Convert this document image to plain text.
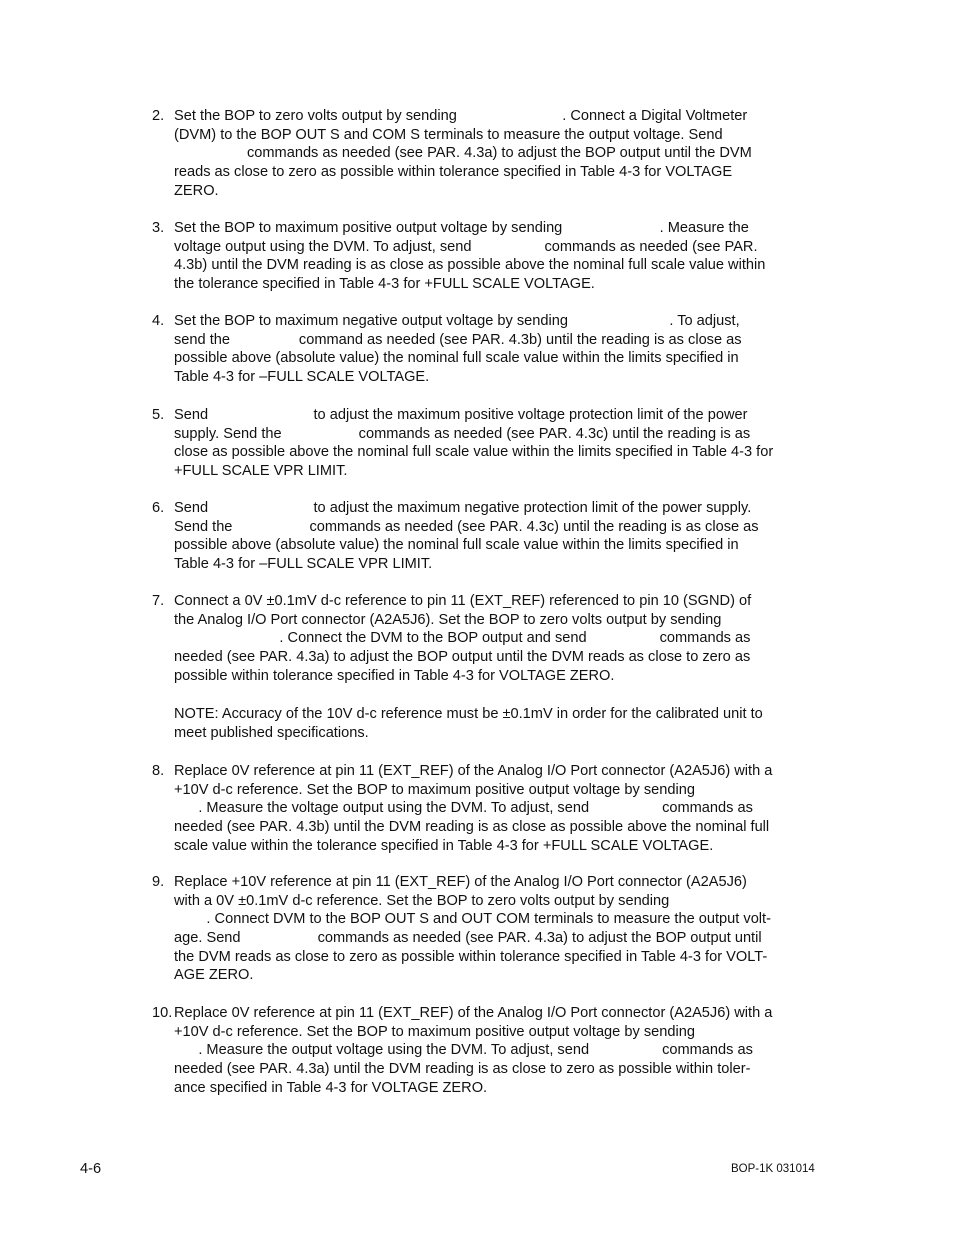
2. Set the BOP to zero volts output by sending                          . Connect a Digital Voltmeter
(DVM) to the BOP OUT S and COM S terminals to measure the output voltage. Send
commands as needed (see PAR. 4.3a) to adjust the BOP output until the DVM
reads as close to zero as possible within tolerance specified in Table 4-3 for VOLTAGE
ZERO.
3. Set the BOP to maximum positive output voltage by sending                        . Measure the
voltage output using the DVM. To adjust, send                  commands as needed (see PAR.
4.3b) until the DVM reading is as close as possible above the nominal full scale value within
the tolerance specified in Table 4-3 for +FULL SCALE VOLTAGE.
4. Set the BOP to maximum negative output voltage by sending                         . To adjust,
send the                 command as needed (see PAR. 4.3b) until the reading is as close as
possible above (absolute value) the nominal full scale value within the limits specified in
Table 4-3 for –FULL SCALE VOLTAGE.
5. Send                          to adjust the maximum positive voltage protection limit of the power
supply. Send the                   commands as needed (see PAR. 4.3c) until the reading is as
close as possible above the nominal full scale value within the limits specified in Table 4-3 for
+FULL SCALE VPR LIMIT.
6. Send                          to adjust the maximum negative protection limit of the power supply.
Send the                   commands as needed (see PAR. 4.3c) until the reading is as close as
possible above (absolute value) the nominal full scale value within the limits specified in
Table 4-3 for –FULL SCALE VPR LIMIT.
7. Connect a 0V ±0.1mV d-c reference to pin 11 (EXT_REF) referenced to pin 10 (SGND) of
the Analog I/O Port connector (A2A5J6). Set the BOP to zero volts output by sending
. Connect the DVM to the BOP output and send                  commands as
needed (see PAR. 4.3a) to adjust the BOP output until the DVM reads as close to zero as
possible within tolerance specified in Table 4-3 for VOLTAGE ZERO.
8. Replace 0V reference at pin 11 (EXT_REF) of the Analog I/O Port connector (A2A5J6) with a
+10V d-c reference. Set the BOP to maximum positive output voltage by sending
. Measure the voltage output using the DVM. To adjust, send                  commands as
needed (see PAR. 4.3b) until the DVM reading is as close as possible above the nominal full
scale value within the tolerance specified in Table 4-3 for +FULL SCALE VOLTAGE.
9. Replace +10V reference at pin 11 (EXT_REF) of the Analog I/O Port connector (A2A5J6)
with a 0V ±0.1mV d-c reference. Set the BOP to zero volts output by sending
. Connect DVM to the BOP OUT S and OUT COM terminals to measure the output volt-
age. Send                   commands as needed (see PAR. 4.3a) to adjust the BOP output until
the DVM reads as close to zero as possible within tolerance specified in Table 4-3 for VOLT-
AGE ZERO.
10. Replace 0V reference at pin 11 (EXT_REF) of the Analog I/O Port connector (A2A5J6) with a
+10V d-c reference. Set the BOP to maximum positive output voltage by sending
. Measure the output voltage using the DVM. To adjust, send                  commands as
needed (see PAR. 4.3a) until the DVM reading is as close to zero as possible within toler-
ance specified in Table 4-3 for VOLTAGE ZERO.
NOTE: Accuracy of the 10V d-c reference must be ±0.1mV in order for the calibrated unit to
meet published specifications.
4-6	BOP-1K 031014
